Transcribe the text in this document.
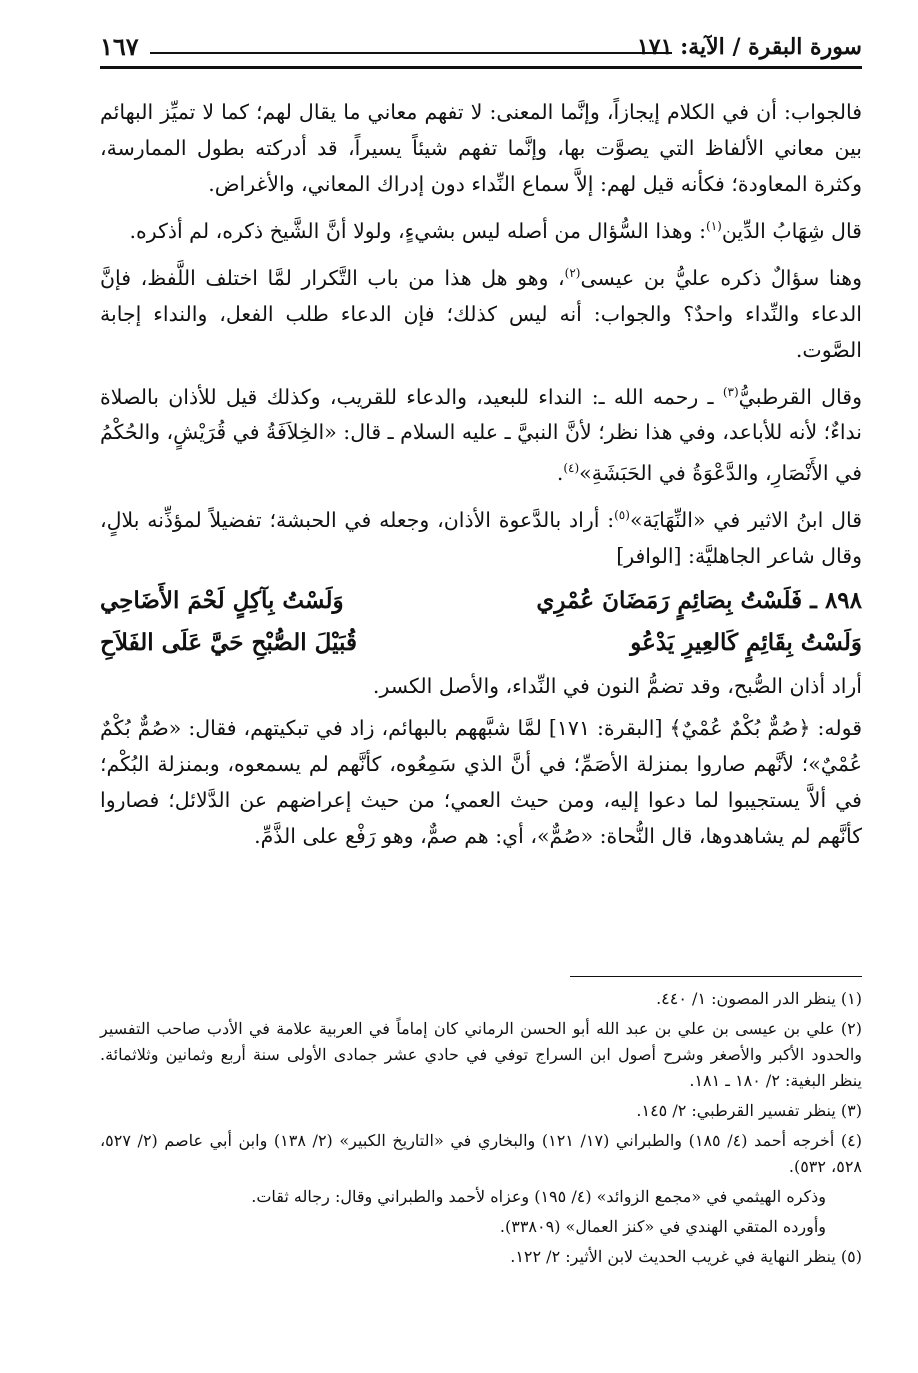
سورة البقرة / الآية: ١٧١
١٦٧

فالجواب: أن في الكلام إيجازاً، وإنَّما المعنى: لا تفهم معاني ما يقال لهم؛ كما لا تميِّز البهائم بين معاني الألفاظ التي يصوَّت بها، وإنَّما تفهم شيئاً يسيراً، قد أدركته بطول الممارسة، وكثرة المعاودة؛ فكأنه قيل لهم: إلاَّ سماع النِّداء دون إدراك المعاني، والأغراض.

قال شِهَابُ الدِّين$^{(١)}$: وهذا السُّؤال من أصله ليس بشيءٍ، ولولا أنَّ الشَّيخ ذكره، لم أذكره.

وهنا سؤالٌ ذكره عليُّ بن عيسى$^{(٢)}$، وهو هل هذا من باب التَّكرار لمَّا اختلف اللَّفظ، فإنَّ الدعاء والنِّداء واحدٌ؟ والجواب: أنه ليس كذلك؛ فإن الدعاء طلب الفعل، والنداء إجابة الصَّوت.

وقال القرطبيُّ$^{(٣)}$ ـ رحمه الله ـ: النداء للبعيد، والدعاء للقريب، وكذلك قيل للأذان بالصلاة نداءٌ؛ لأنه للأباعد، وفي هذا نظر؛ لأنَّ النبيَّ ـ عليه السلام ـ قال: «الخِلاَفَةُ في قُرَيْشٍ، والحُكْمُ في الأَنْصَارِ، والدَّعْوَةُ في الحَبَشَةِ»$^{(٤)}$.

قال ابنُ الاثير في «النِّهَايَة»$^{(٥)}$: أراد بالدَّعوة الأذان، وجعله في الحبشة؛ تفضيلاً لمؤذِّنه بلالٍ، وقال شاعر الجاهليَّة: [الوافر]

٨٩٨ ـ فَلَسْتُ بِصَائِمٍ رَمَضَانَ عُمْرِي
وَلَسْتُ بِآكِلٍ لَحْمَ الأَضَاحِي
وَلَسْتُ بِقَائِمٍ كَالعِيرِ يَدْعُو
قُبَيْلَ الصُّبْحِ حَيَّ عَلَى الفَلاَحِ

أراد أذان الصُّبح، وقد تضمُّ النون في النِّداء، والأصل الكسر.

قوله: ﴿صُمٌّ بُكْمٌ عُمْيٌ﴾ [البقرة: ١٧١] لمَّا شبَّههم بالبهائم، زاد في تبكيتهم، فقال: «صُمٌّ بُكْمٌ عُمْيٌ»؛ لأنَّهم صاروا بمنزلة الأصَمِّ؛ في أنَّ الذي سَمِعُوه، كأنَّهم لم يسمعوه، وبمنزلة البُكْم؛ في ألاَّ يستجيبوا لما دعوا إليه، ومن حيث العمي؛ من حيث إعراضهم عن الدَّلائل؛ فصاروا كأنَّهم لم يشاهدوها، قال النُّحاة: «صُمٌّ»، أي: هم صمٌّ، وهو رَفْع على الذَّمِّ.

(١) ينظر الدر المصون: ١/ ٤٤٠.

(٢) علي بن عيسى بن علي بن عبد الله أبو الحسن الرماني كان إماماً في العربية علامة في الأدب صاحب التفسير والحدود الأكبر والأصغر وشرح أصول ابن السراج توفي في حادي عشر جمادى الأولى سنة أربع وثمانين وثلاثمائة. ينظر البغية: ٢/ ١٨٠ ـ ١٨١.

(٣) ينظر تفسير القرطبي: ٢/ ١٤٥.

(٤) أخرجه أحمد (٤/ ١٨٥) والطبراني (١٧/ ١٢١) والبخاري في «التاريخ الكبير» (٢/ ١٣٨) وابن أبي عاصم (٢/ ٥٢٧، ٥٢٨، ٥٣٢).

وذكره الهيثمي في «مجمع الزوائد» (٤/ ١٩٥) وعزاه لأحمد والطبراني وقال: رجاله ثقات.

وأورده المتقي الهندي في «كنز العمال» (٣٣٨٠٩).

(٥) ينظر النهاية في غريب الحديث لابن الأثير: ٢/ ١٢٢.
